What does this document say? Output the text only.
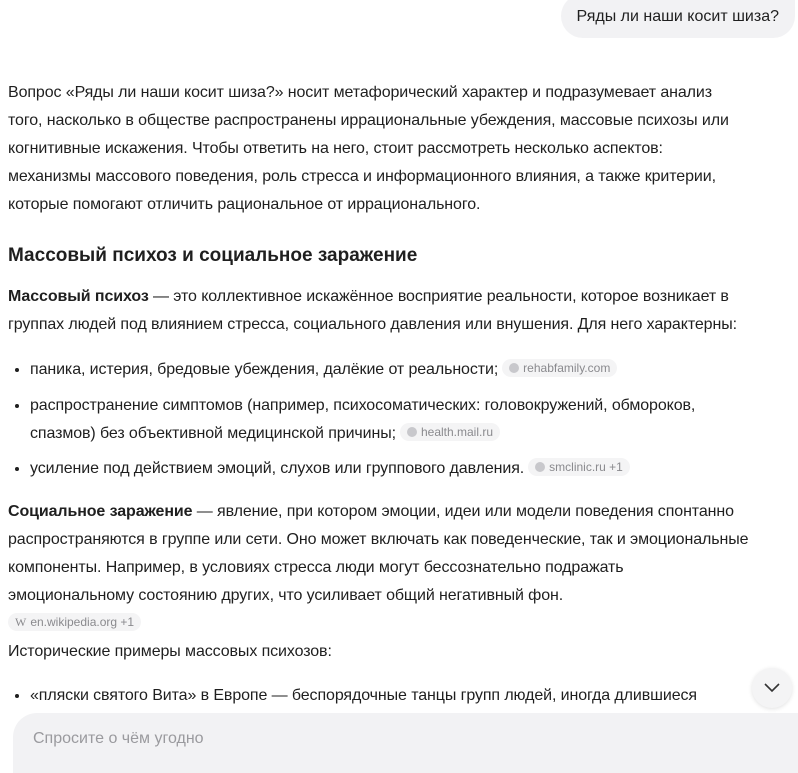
Ряды ли наши косит шиза?

Вопрос «Ряды ли наши косит шиза?» носит метафорический характер и подразумевает анализ того, насколько в обществе распространены иррациональные убеждения, массовые психозы или когнитивные искажения. Чтобы ответить на него, стоит рассмотреть несколько аспектов: механизмы массового поведения, роль стресса и информационного влияния, а также критерии, которые помогают отличить рациональное от иррационального.

Массовый психоз и социальное заражение

Массовый психоз — это коллективное искажённое восприятие реальности, которое возникает в группах людей под влиянием стресса, социального давления или внушения. Для него характерны:

• паника, истерия, бредовые убеждения, далёкие от реальности; rehabfamily.com
• распространение симптомов (например, психосоматических: головокружений, обмороков, спазмов) без объективной медицинской причины; health.mail.ru
• усиление под действием эмоций, слухов или группового давления. smclinic.ru +1

Социальное заражение — явление, при котором эмоции, идеи или модели поведения спонтанно распространяются в группе или сети. Оно может включать как поведенческие, так и эмоциональные компоненты. Например, в условиях стресса люди могут бессознательно подражать эмоциональному состоянию других, что усиливает общий негативный фон.

W en.wikipedia.org +1

Исторические примеры массовых психозов:

• «пляски святого Вита» в Европе — беспорядочные танцы групп людей, иногда длившиеся
Спросите о чём угодно
